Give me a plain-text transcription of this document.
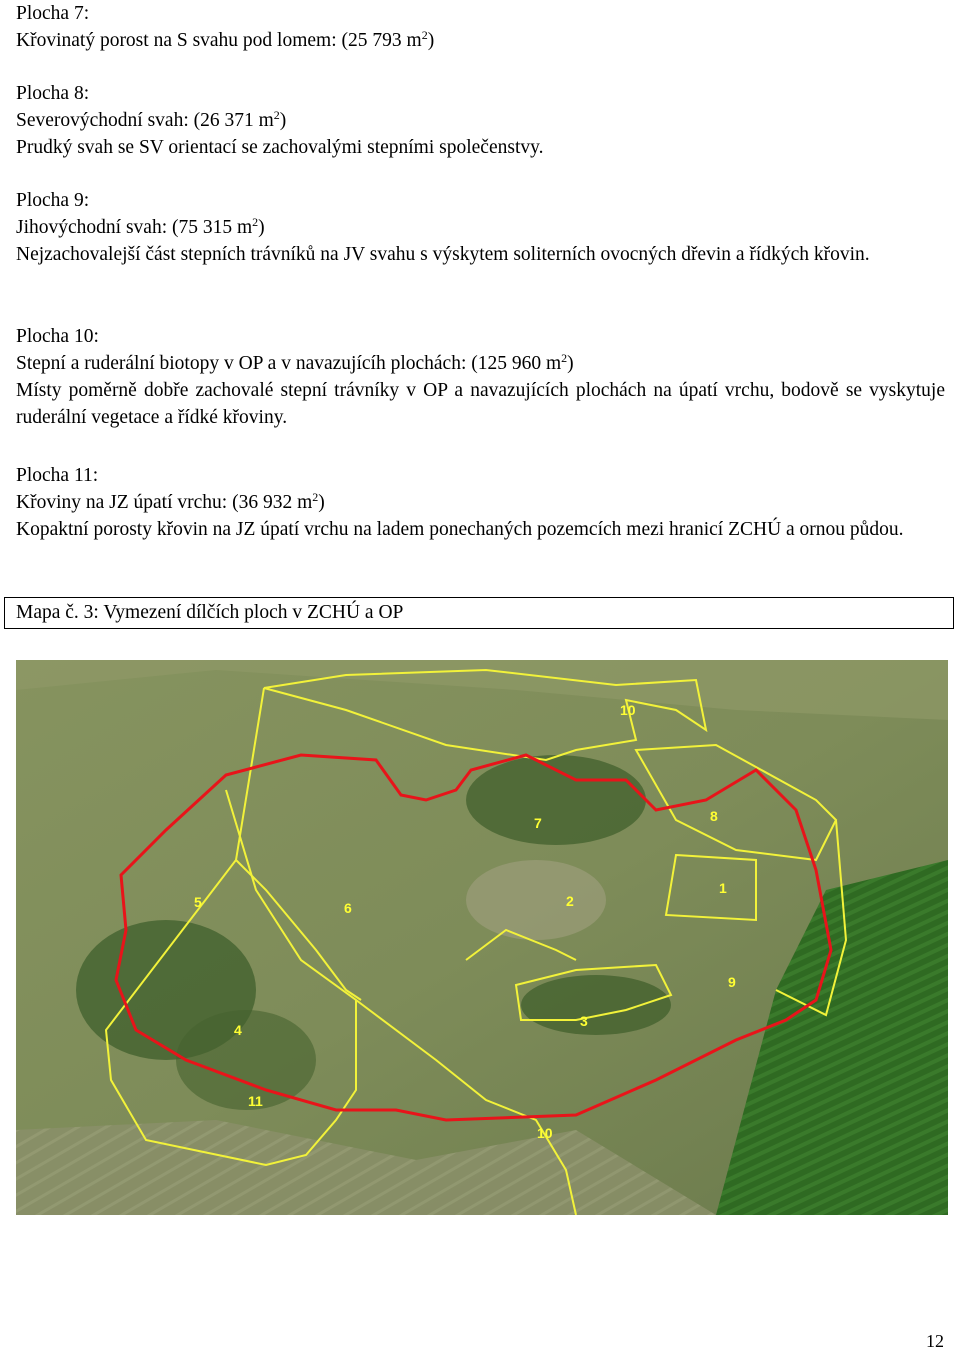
Plocha 7:
Křovinatý porost na S svahu pod lomem: (25 793 $m^2$)
Plocha 8:
Severovýchodní svah: (26 371 $m^2$)
Prudký svah se SV orientací se zachovalými stepními společenstvy.
Plocha 9:
Jihovýchodní svah: (75 315 $m^2$)
Nejzachovalejší část stepních trávníků na JV svahu s výskytem soliterních ovocných dřevin a řídkých křovin.
Plocha 10:
Stepní a ruderální biotopy v OP a v navazujícíh plochách: (125 960 $m^2$)
Místy poměrně dobře zachovalé stepní trávníky v OP a navazujících plochách na úpatí vrchu, bodově se vyskytuje ruderální vegetace a řídké křoviny.
Plocha 11:
Křoviny na JZ úpatí vrchu: (36 932 $m^2$)
Kopaktní porosty křovin na JZ úpatí vrchu na ladem ponechaných pozemcích mezi hranicí ZCHÚ a ornou půdou.
Mapa č. 3: Vymezení dílčích ploch v ZCHÚ a OP
10
7	8
1
5	6	2
9
3
4
11
10
12
